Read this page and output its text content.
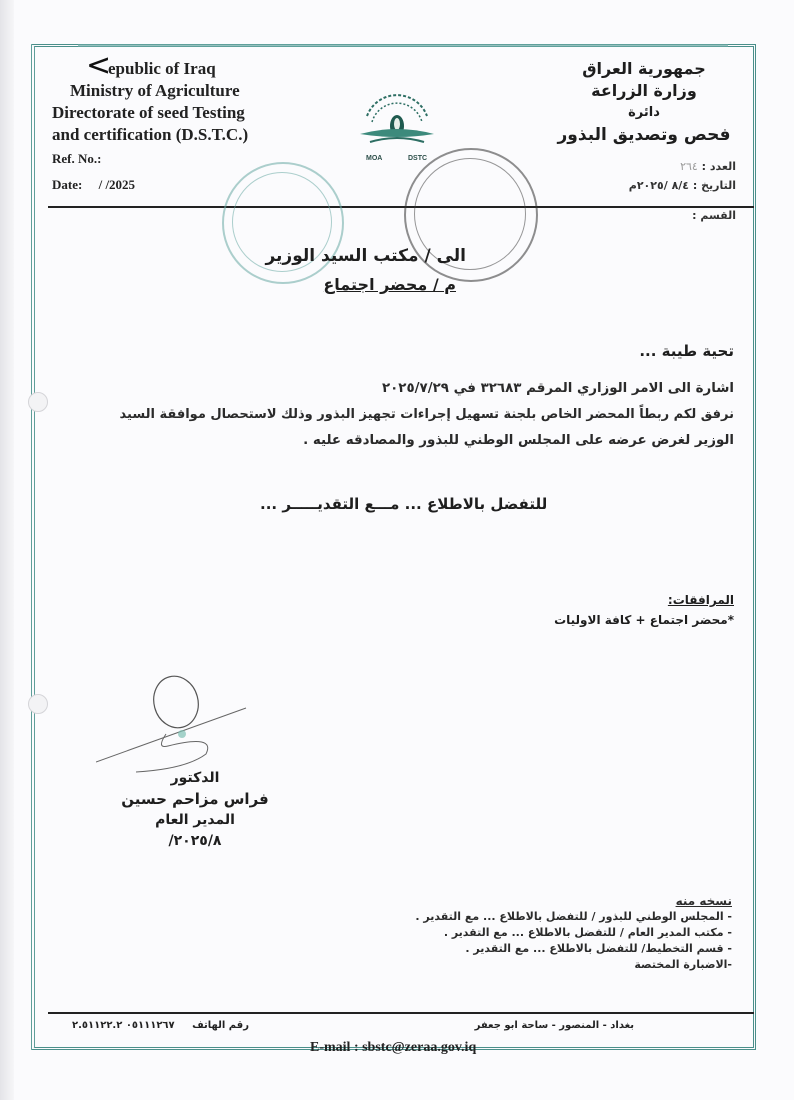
<
epublic of Iraq
Ministry of Agriculture
Directorate of seed Testing
and certification (D.S.T.C.)
Ref. No.:
Date: / /2025
MOA	DSTC
جمهورية العراق
وزارة الزراعة
دائرة
فحص وتصديق البذور
العدد : ٢٦٤
التاريخ : ٨/٤ /٢٠٢٥م
القسم :
الى / مكتب السيد الوزير
م / محضر اجتماع
تحية طيبة ...
اشارة الى الامر الوزاري المرقم ٣٢٦٨٣ في ٢٠٢٥/٧/٢٩
نرفق لكم ربطاً المحضر الخاص بلجنة تسهيل إجراءات تجهيز البذور وذلك لاستحصال موافقة السيد
الوزير لغرض عرضه على المجلس الوطني للبذور والمصادقه عليه .
للتفضل بالاطلاع ... مـــع التقديـــــر ...
المرافقات:
*محضر اجتماع + كافة الاوليات
الدكتور
فراس مزاحم حسين
المدير العام
٢٠٢٥/٨/
نسخه منه
- المجلس الوطني للبذور / للتفضل بالاطلاع ... مع التقدير .
- مكتب المدير العام / للتفضل بالاطلاع ... مع التقدير .
- قسم التخطيط/ للتفضل بالاطلاع ... مع التقدير .
-الاضبارة المختصة
بغداد - المنصور - ساحة ابو جعفر
رقم الهاتف ٠٥١١١٢٦٧ ٢.٥١١٢٢.٢
E-mail : sbstc@zeraa.gov.iq
